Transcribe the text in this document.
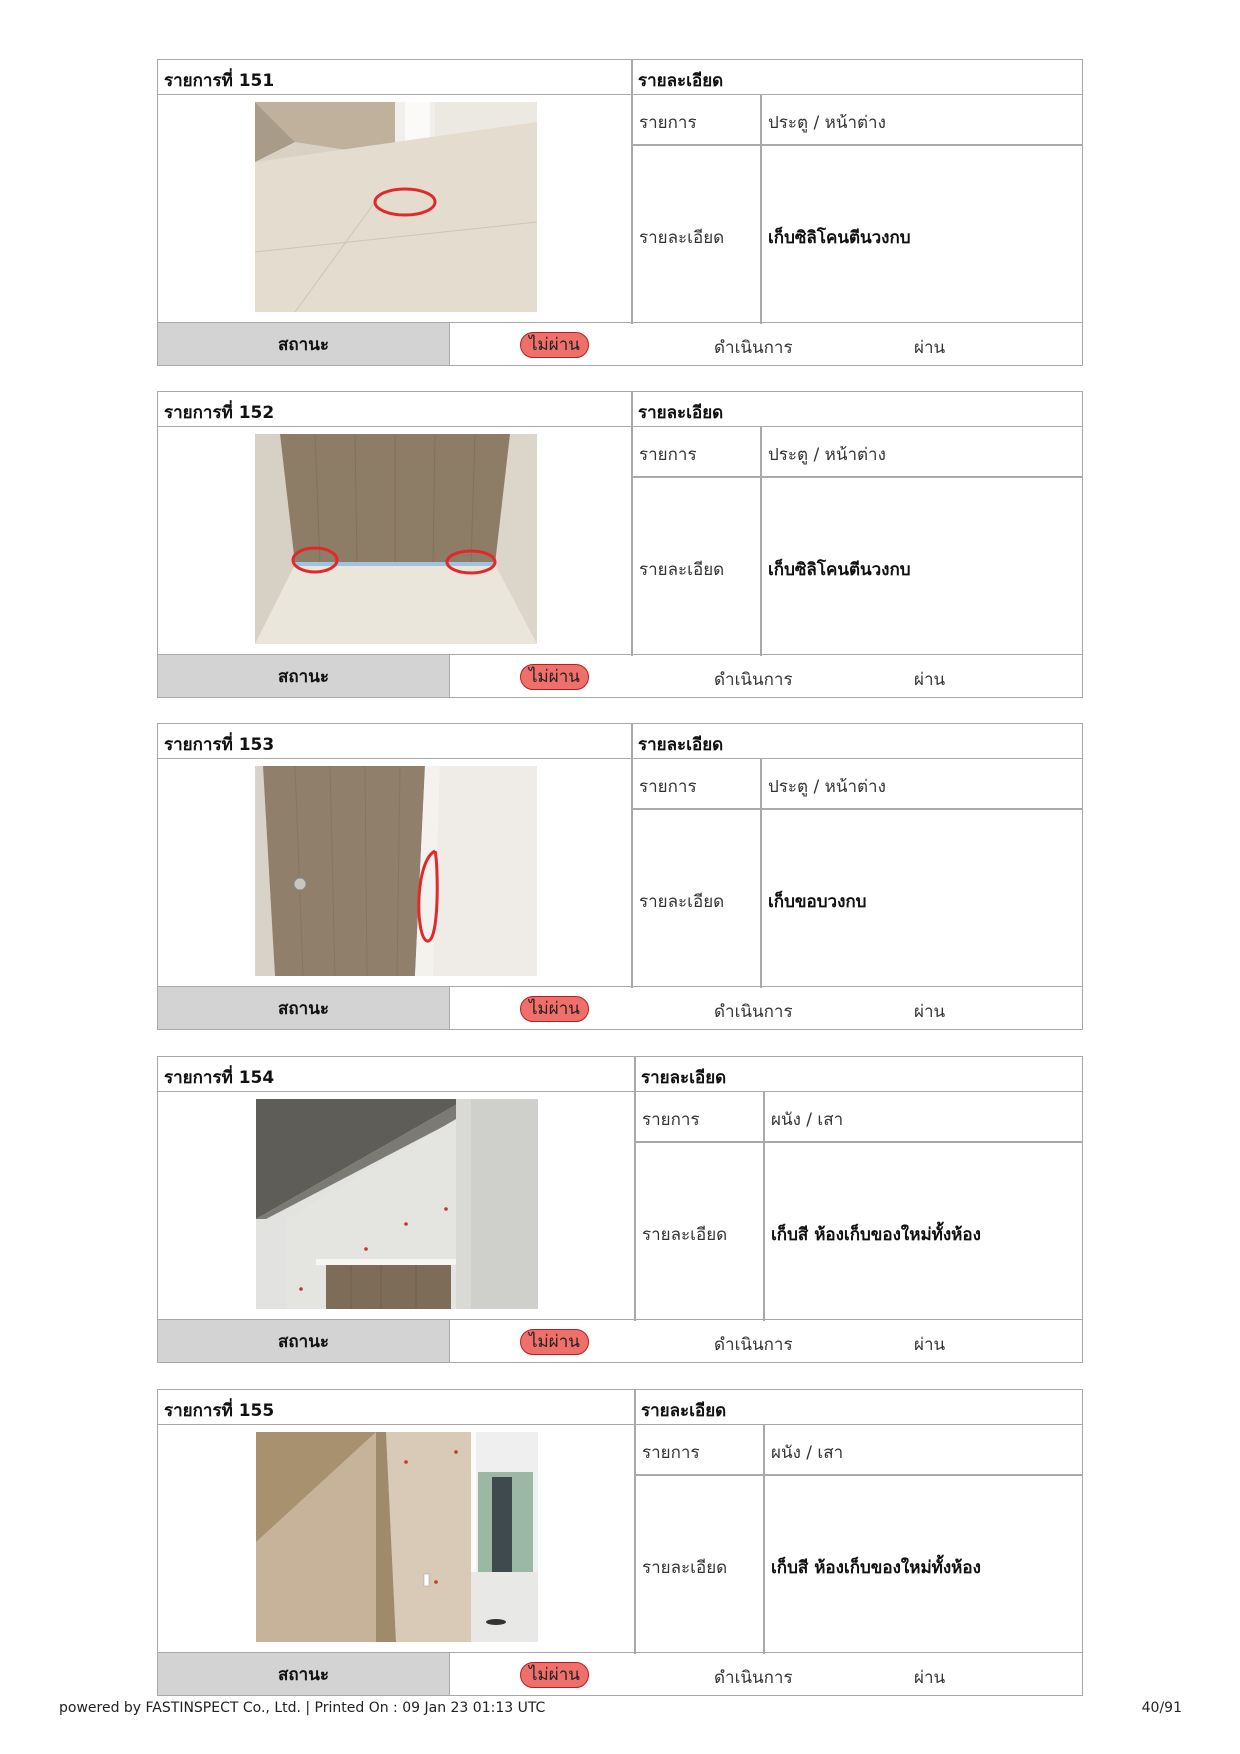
รายการที่ 151	รายละเอียด
รายการ	ประตู / หน้าต่าง
รายละเอียด	เก็บซิลิโคนตีนวงกบ
สถานะ	ไม่ผ่าน	ดำเนินการ	ผ่าน
รายการที่ 152	รายละเอียด
รายการ	ประตู / หน้าต่าง
รายละเอียด	เก็บซิลิโคนตีนวงกบ
สถานะ	ไม่ผ่าน	ดำเนินการ	ผ่าน
รายการที่ 153	รายละเอียด
รายการ	ประตู / หน้าต่าง
รายละเอียด	เก็บขอบวงกบ
สถานะ	ไม่ผ่าน	ดำเนินการ	ผ่าน
รายการที่ 154	รายละเอียด
รายการ	ผนัง / เสา
รายละเอียด	เก็บสี ห้องเก็บของใหม่ทั้งห้อง
สถานะ	ไม่ผ่าน	ดำเนินการ	ผ่าน
รายการที่ 155	รายละเอียด
รายการ	ผนัง / เสา
รายละเอียด	เก็บสี ห้องเก็บของใหม่ทั้งห้อง
สถานะ	ไม่ผ่าน	ดำเนินการ	ผ่าน
powered by FASTINSPECT Co., Ltd. | Printed On : 09 Jan 23 01:13 UTC	40/91
